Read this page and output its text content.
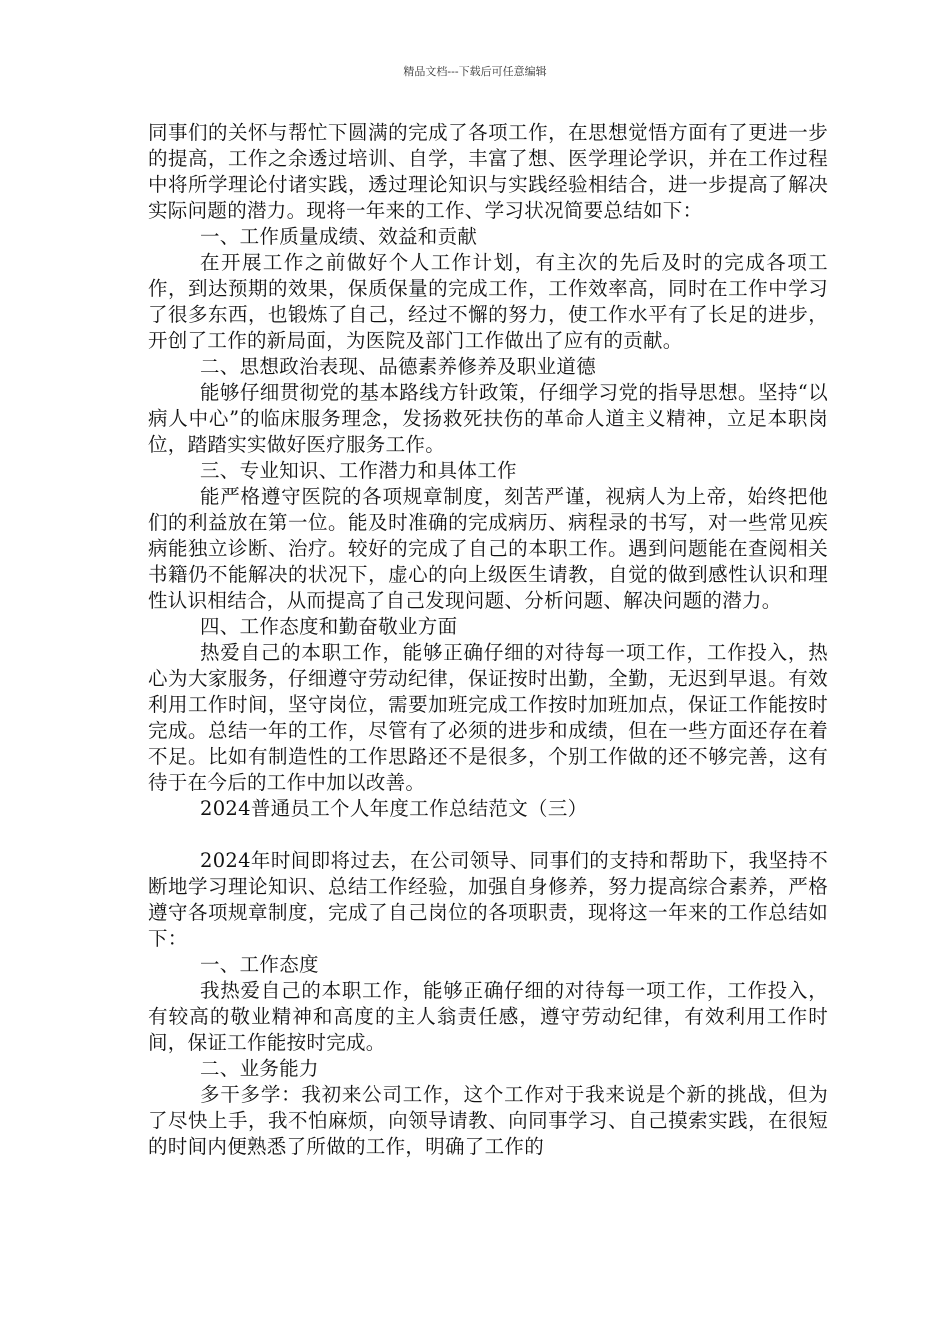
精品文档---下载后可任意编辑

同事们的关怀与帮忙下圆满的完成了各项工作，在思想觉悟方面有了更进一步的提高，工作之余透过培训、自学，丰富了想、医学理论学识，并在工作过程中将所学理论付诸实践，透过理论知识与实践经验相结合，进一步提高了解决实际问题的潜力。现将一年来的工作、学习状况简要总结如下：

一、工作质量成绩、效益和贡献

在开展工作之前做好个人工作计划，有主次的先后及时的完成各项工作，到达预期的效果，保质保量的完成工作，工作效率高，同时在工作中学习了很多东西，也锻炼了自己，经过不懈的努力，使工作水平有了长足的进步，开创了工作的新局面，为医院及部门工作做出了应有的贡献。

二、思想政治表现、品德素养修养及职业道德

能够仔细贯彻党的基本路线方针政策，仔细学习党的指导思想。坚持“以病人中心”的临床服务理念，发扬救死扶伤的革命人道主义精神，立足本职岗位，踏踏实实做好医疗服务工作。

三、专业知识、工作潜力和具体工作

能严格遵守医院的各项规章制度，刻苦严谨，视病人为上帝，始终把他们的利益放在第一位。能及时准确的完成病历、病程录的书写，对一些常见疾病能独立诊断、治疗。较好的完成了自己的本职工作。遇到问题能在查阅相关书籍仍不能解决的状况下，虚心的向上级医生请教，自觉的做到感性认识和理性认识相结合，从而提高了自己发现问题、分析问题、解决问题的潜力。

四、工作态度和勤奋敬业方面

热爱自己的本职工作，能够正确仔细的对待每一项工作，工作投入，热心为大家服务，仔细遵守劳动纪律，保证按时出勤，全勤，无迟到早退。有效利用工作时间，坚守岗位，需要加班完成工作按时加班加点，保证工作能按时完成。总结一年的工作，尽管有了必须的进步和成绩，但在一些方面还存在着不足。比如有制造性的工作思路还不是很多，个别工作做的还不够完善，这有待于在今后的工作中加以改善。

2024普通员工个人年度工作总结范文（三）

2024年时间即将过去，在公司领导、同事们的支持和帮助下，我坚持不断地学习理论知识、总结工作经验，加强自身修养，努力提高综合素养，严格遵守各项规章制度，完成了自己岗位的各项职责，现将这一年来的工作总结如下：

一、工作态度

我热爱自己的本职工作，能够正确仔细的对待每一项工作，工作投入，有较高的敬业精神和高度的主人翁责任感，遵守劳动纪律，有效利用工作时间，保证工作能按时完成。

二、业务能力

多干多学：我初来公司工作，这个工作对于我来说是个新的挑战，但为了尽快上手，我不怕麻烦，向领导请教、向同事学习、自己摸索实践，在很短的时间内便熟悉了所做的工作，明确了工作的
